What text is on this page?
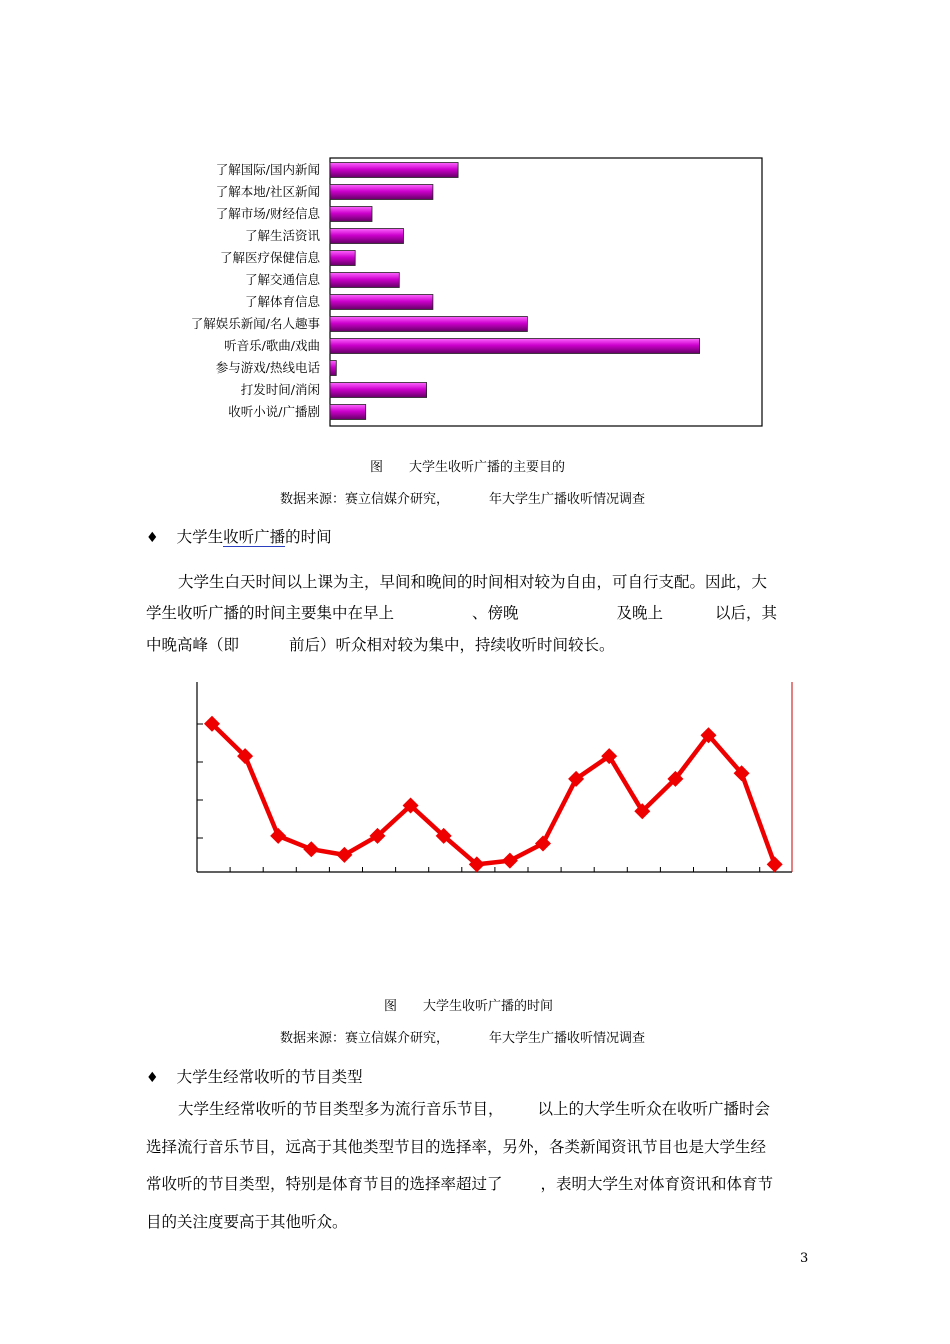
了解国际/国内新闻
了解本地/社区新闻
了解市场/财经信息
了解生活资讯
了解医疗保健信息
了解交通信息
了解体育信息
了解娱乐新闻/名人趣事
听音乐/歌曲/戏曲
参与游戏/热线电话
打发时间/消闲
收听小说/广播剧
图 大学生收听广播的主要目的
数据来源：赛立信媒介研究，	年大学生广播收听情况调查
♦ 大学生收听广播的时间
大学生白天时间以上课为主，早间和晚间的时间相对较为自由，可自行支配。因此，大
学生收听广播的时间主要集中在早上	、傍晚	及晚上	以后，其
中晚高峰（即	前后）听众相对较为集中，持续收听时间较长。
图 大学生收听广播的时间
数据来源：赛立信媒介研究，	年大学生广播收听情况调查
♦ 大学生经常收听的节目类型
大学生经常收听的节目类型多为流行音乐节目， 以上的大学生听众在收听广播时会
选择流行音乐节目，远高于其他类型节目的选择率，另外，各类新闻资讯节目也是大学生经
常收听的节目类型，特别是体育节目的选择率超过了 ，表明大学生对体育资讯和体育节
目的关注度要高于其他听众。
3
